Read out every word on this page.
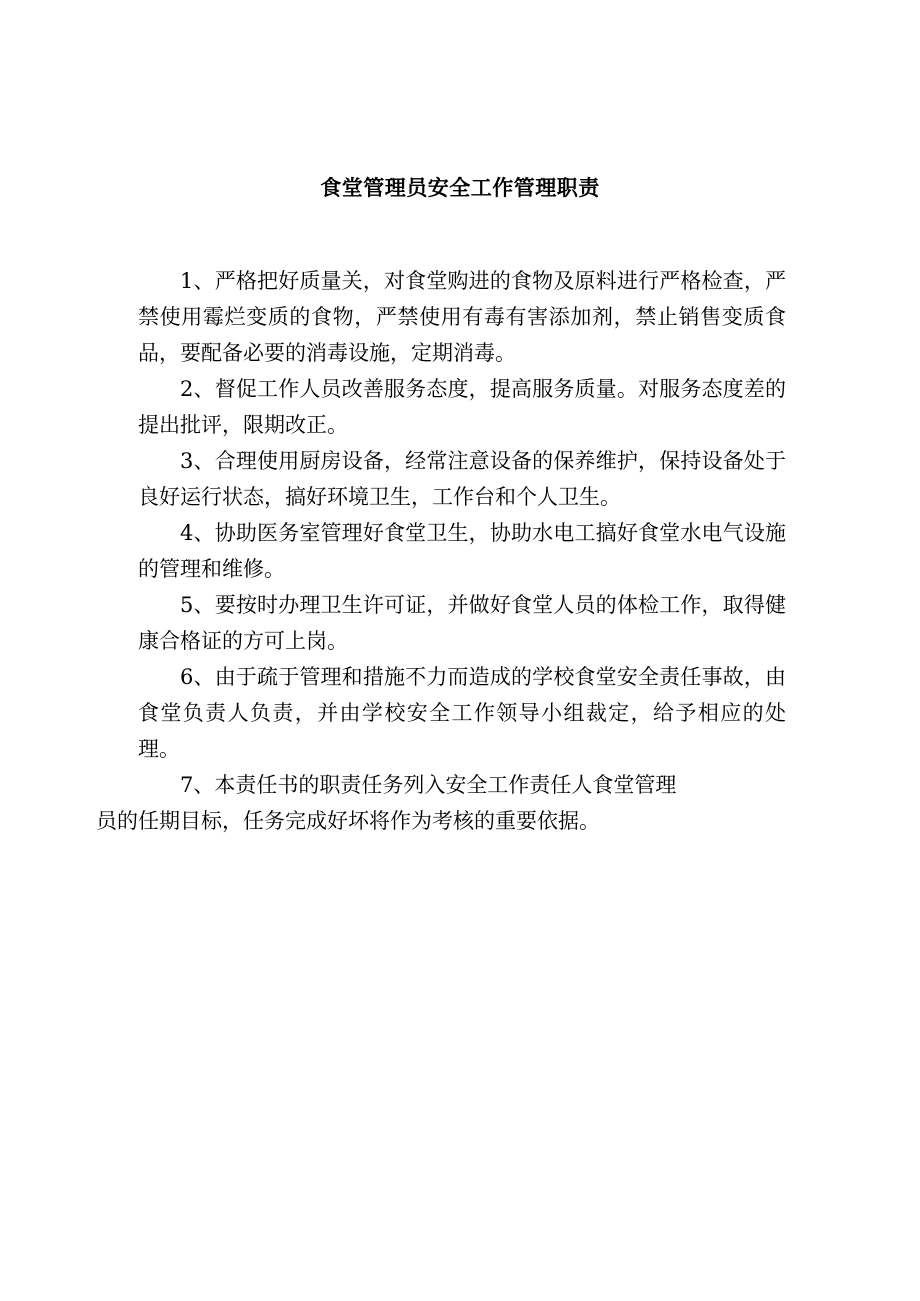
食堂管理员安全工作管理职责

1、严格把好质量关，对食堂购进的食物及原料进行严格检查，严禁使用霉烂变质的食物，严禁使用有毒有害添加剂，禁止销售变质食品，要配备必要的消毒设施，定期消毒。

2、督促工作人员改善服务态度，提高服务质量。对服务态度差的提出批评，限期改正。

3、合理使用厨房设备，经常注意设备的保养维护，保持设备处于良好运行状态，搞好环境卫生，工作台和个人卫生。

4、协助医务室管理好食堂卫生，协助水电工搞好食堂水电气设施的管理和维修。

5、要按时办理卫生许可证，并做好食堂人员的体检工作，取得健康合格证的方可上岗。

6、由于疏于管理和措施不力而造成的学校食堂安全责任事故，由食堂负责人负责，并由学校安全工作领导小组裁定，给予相应的处理。

7、本责任书的职责任务列入安全工作责任人食堂管理
员的任期目标，任务完成好坏将作为考核的重要依据。
